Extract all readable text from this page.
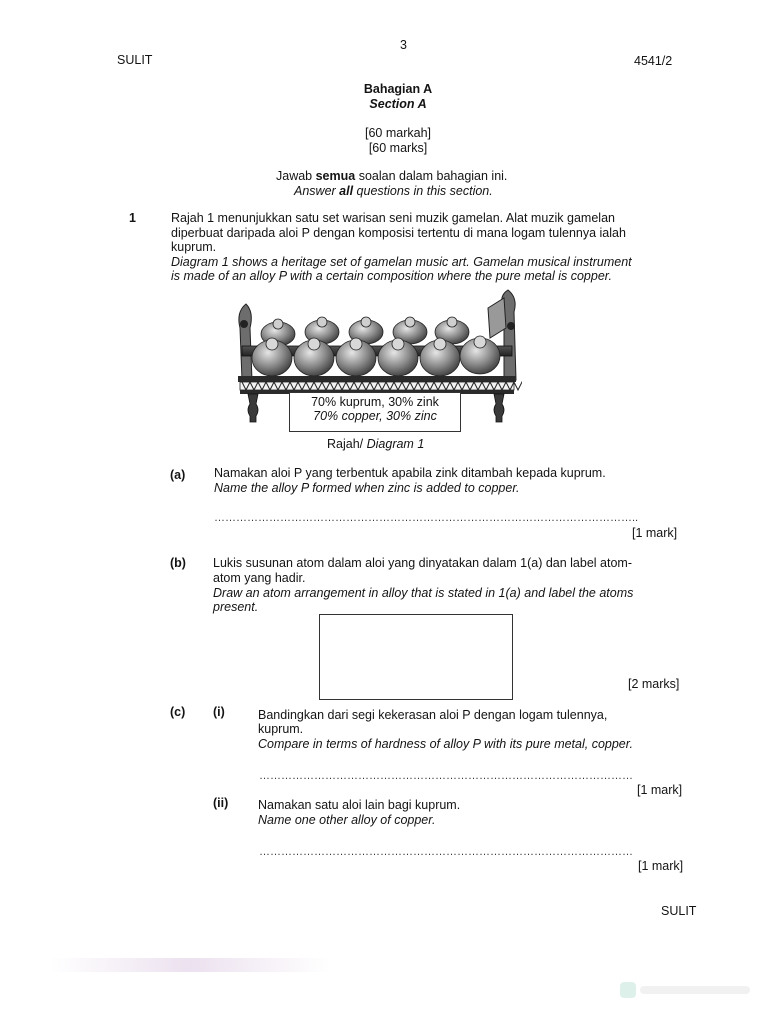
3
SULIT	4541/2
Bahagian A
Section A
[60 markah]
[60 marks]
Jawab semua soalan dalam bahagian ini.
Answer all questions in this section.
1	Rajah 1 menunjukkan satu set warisan seni muzik gamelan. Alat muzik gamelan
diperbuat daripada aloi P dengan komposisi tertentu di mana logam tulennya ialah
kuprum.
Diagram 1 shows a heritage set of gamelan music art. Gamelan musical instrument
is made of an alloy P with a certain composition where the pure metal is copper.
70% kuprum, 30% zink
70% copper, 30% zinc
Rajah/ Diagram 1
(a) Namakan aloi P yang terbentuk apabila zink ditambah kepada kuprum.
Name the alloy P formed when zinc is added to copper.
……………………………………………………………………………………………………..
[1 mark]
(b) Lukis susunan atom dalam aloi yang dinyatakan dalam 1(a) dan label atom-
atom yang hadir.
Draw an atom arrangement in alloy that is stated in 1(a) and label the atoms
present.
[2 marks]
(c) (i)	Bandingkan dari segi kekerasan aloi P dengan logam tulennya,
kuprum.
Compare in terms of hardness of alloy P with its pure metal, copper.
…………………………………………………………………………………………
[1 mark]
(ii) Namakan satu aloi lain bagi kuprum.
Name one other alloy of copper.
…………………………………………………………………………………………
[1 mark]
SULIT
